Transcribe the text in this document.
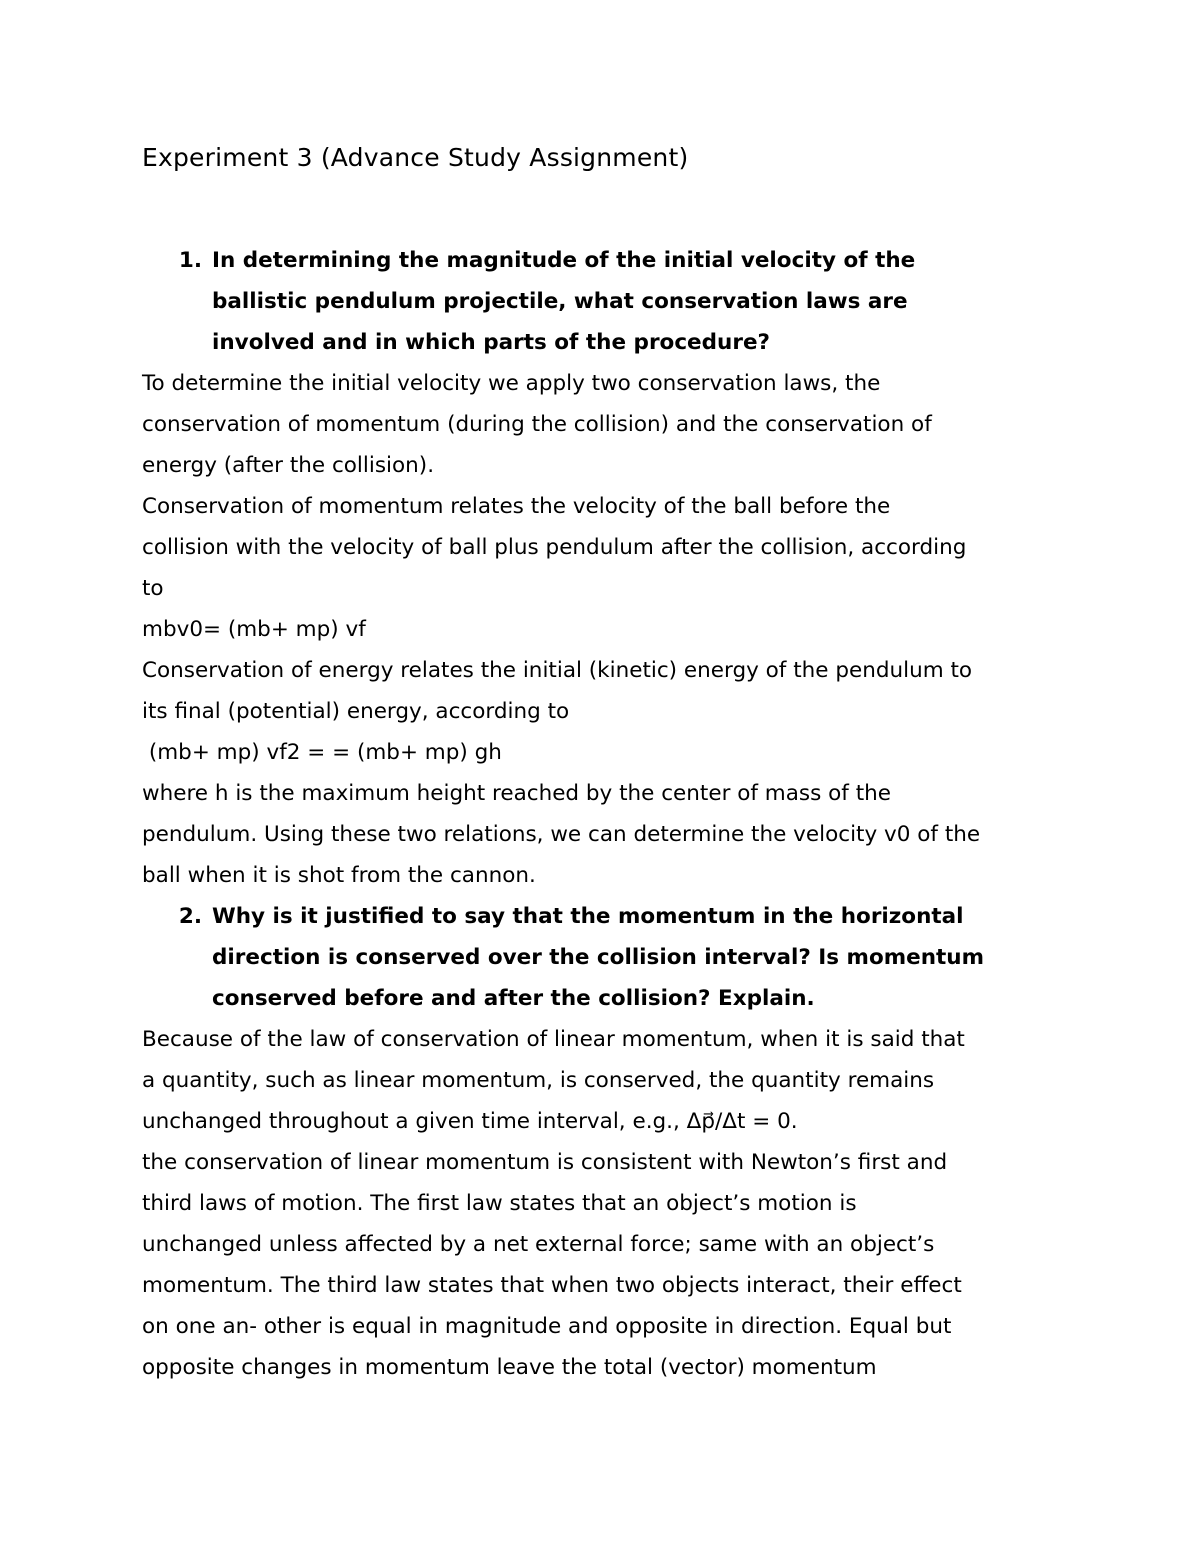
Experiment 3 (Advance Study Assignment)
1. In determining the magnitude of the initial velocity of the
ballistic pendulum projectile, what conservation laws are
involved and in which parts of the procedure?
To determine the initial velocity we apply two conservation laws, the
conservation of momentum (during the collision) and the conservation of
energy (after the collision).
Conservation of momentum relates the velocity of the ball before the
collision with the velocity of ball plus pendulum after the collision, according
to
mbv0= (mb+ mp) vf
Conservation of energy relates the initial (kinetic) energy of the pendulum to
its final (potential) energy, according to
(mb+ mp) vf2 = = (mb+ mp) gh
where h is the maximum height reached by the center of mass of the
pendulum. Using these two relations, we can determine the velocity v0 of the
ball when it is shot from the cannon.
2. Why is it justified to say that the momentum in the horizontal
direction is conserved over the collision interval? Is momentum
conserved before and after the collision? Explain.
Because of the law of conservation of linear momentum, when it is said that
a quantity, such as linear momentum, is conserved, the quantity remains
unchanged throughout a given time interval, e.g., Δp⃗/Δt = 0.
the conservation of linear momentum is consistent with Newton’s first and
third laws of motion. The first law states that an object’s motion is
unchanged unless affected by a net external force; same with an object’s
momentum. The third law states that when two objects interact, their effect
on one an- other is equal in magnitude and opposite in direction. Equal but
opposite changes in momentum leave the total (vector) momentum
